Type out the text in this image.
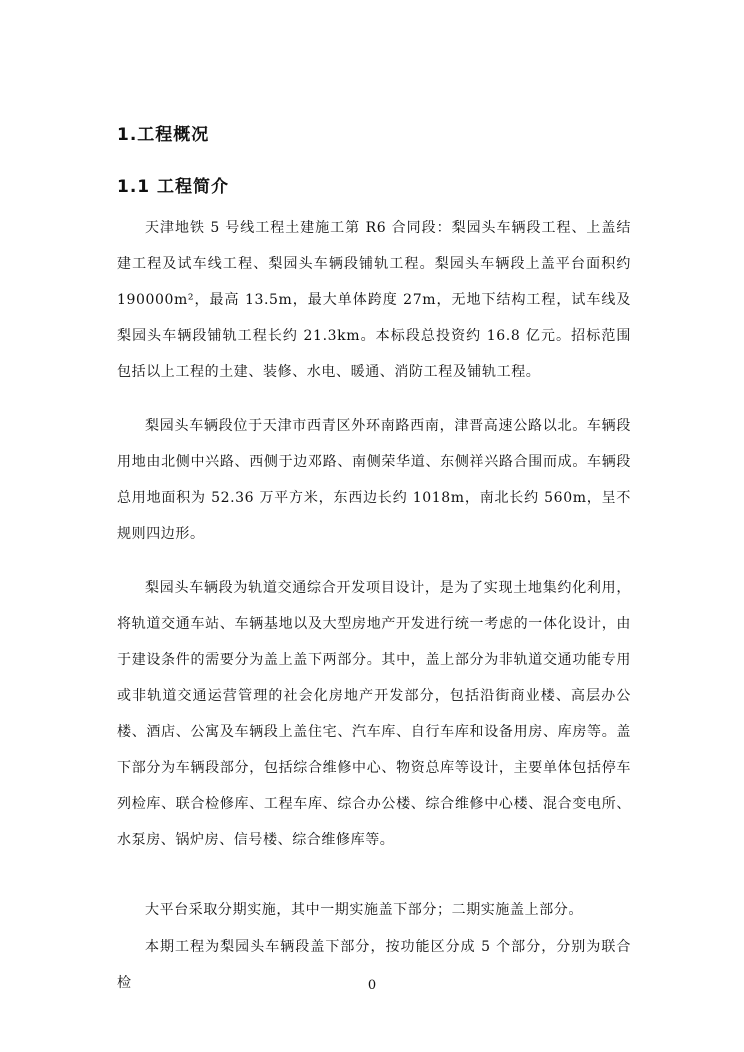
1.工程概况
1.1 工程简介

天津地铁 5 号线工程土建施工第 R6 合同段：梨园头车辆段工程、上盖结建工程及试车线工程、梨园头车辆段铺轨工程。梨园头车辆段上盖平台面积约190000m²，最高 13.5m，最大单体跨度 27m，无地下结构工程，试车线及梨园头车辆段铺轨工程长约 21.3km。本标段总投资约 16.8 亿元。招标范围包括以上工程的土建、装修、水电、暖通、消防工程及铺轨工程。

梨园头车辆段位于天津市西青区外环南路西南，津晋高速公路以北。车辆段用地由北侧中兴路、西侧于边邓路、南侧荣华道、东侧祥兴路合围而成。车辆段总用地面积为 52.36 万平方米，东西边长约 1018m，南北长约 560m，呈不规则四边形。

梨园头车辆段为轨道交通综合开发项目设计，是为了实现土地集约化利用，将轨道交通车站、车辆基地以及大型房地产开发进行统一考虑的一体化设计，由于建设条件的需要分为盖上盖下两部分。其中，盖上部分为非轨道交通功能专用或非轨道交通运营管理的社会化房地产开发部分，包括沿街商业楼、高层办公楼、酒店、公寓及车辆段上盖住宅、汽车库、自行车库和设备用房、库房等。盖下部分为车辆段部分，包括综合维修中心、物资总库等设计，主要单体包括停车列检库、联合检修库、工程车库、综合办公楼、综合维修中心楼、混合变电所、水泵房、锅炉房、信号楼、综合维修库等。

大平台采取分期实施，其中一期实施盖下部分；二期实施盖上部分。

本期工程为梨园头车辆段盖下部分，按功能区分成 5 个部分，分别为联合检	0
